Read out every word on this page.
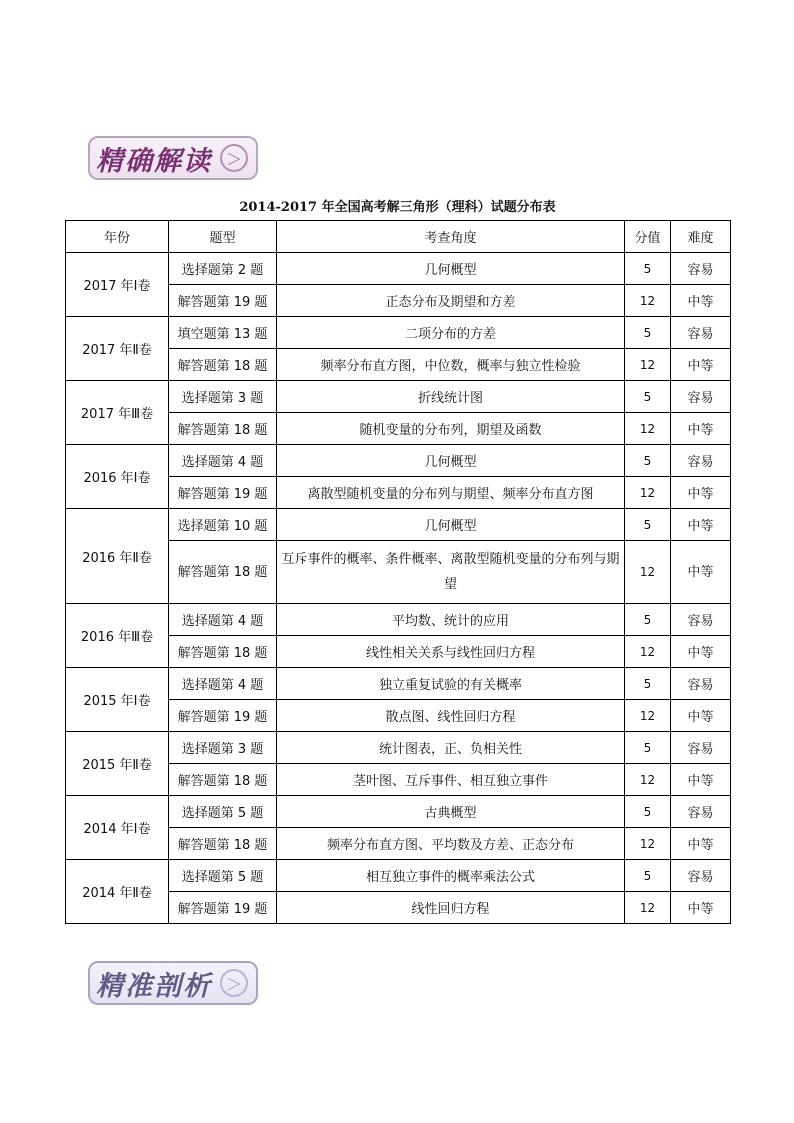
精确解读 ＞
2014-2017 年全国高考解三角形（理科）试题分布表
年份	题型	考查角度	分值	难度
2017 年Ⅰ卷	选择题第 2 题	几何概型	5	容易
	解答题第 19 题	正态分布及期望和方差	12	中等
2017 年Ⅱ卷	填空题第 13 题	二项分布的方差	5	容易
	解答题第 18 题	频率分布直方图，中位数，概率与独立性检验	12	中等
2017 年Ⅲ卷	选择题第 3 题	折线统计图	5	容易
	解答题第 18 题	随机变量的分布列，期望及函数	12	中等
2016 年Ⅰ卷	选择题第 4 题	几何概型	5	容易
	解答题第 19 题	离散型随机变量的分布列与期望、频率分布直方图	12	中等
2016 年Ⅱ卷	选择题第 10 题	几何概型	5	中等
	解答题第 18 题	互斥事件的概率、条件概率、离散型随机变量的分布列与期望	12	中等
2016 年Ⅲ卷	选择题第 4 题	平均数、统计的应用	5	容易
	解答题第 18 题	线性相关关系与线性回归方程	12	中等
2015 年Ⅰ卷	选择题第 4 题	独立重复试验的有关概率	5	容易
	解答题第 19 题	散点图、线性回归方程	12	中等
2015 年Ⅱ卷	选择题第 3 题	统计图表，正、负相关性	5	容易
	解答题第 18 题	茎叶图、互斥事件、相互独立事件	12	中等
2014 年Ⅰ卷	选择题第 5 题	古典概型	5	容易
	解答题第 18 题	频率分布直方图、平均数及方差、正态分布	12	中等
2014 年Ⅱ卷	选择题第 5 题	相互独立事件的概率乘法公式	5	容易
	解答题第 19 题	线性回归方程	12	中等
精准剖析 ＞
